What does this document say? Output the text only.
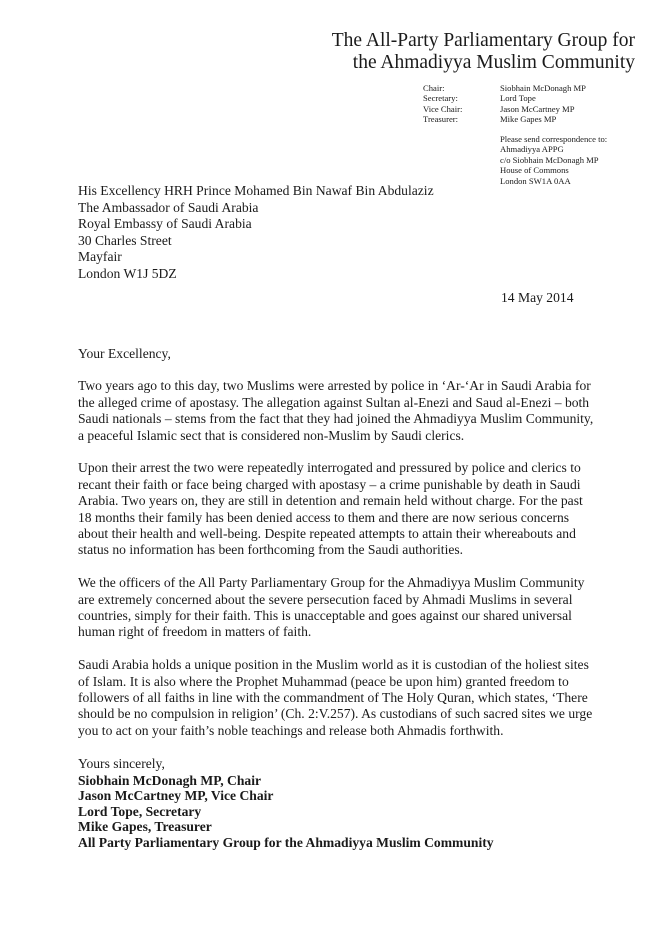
The All-Party Parliamentary Group for
the Ahmadiyya Muslim Community
Chair:	Siobhain McDonagh MP
Secretary:	Lord Tope
Vice Chair:	Jason McCartney MP
Treasurer:	Mike Gapes MP
Please send correspondence to:
Ahmadiyya APPG
c/o Siobhain McDonagh MP
House of Commons
London SW1A 0AA
His Excellency HRH Prince Mohamed Bin Nawaf Bin Abdulaziz
The Ambassador of Saudi Arabia
Royal Embassy of Saudi Arabia
30 Charles Street
Mayfair
London W1J 5DZ
14 May 2014

Your Excellency,

Two years ago to this day, two Muslims were arrested by police in ‘Ar-‘Ar in Saudi Arabia for the alleged crime of apostasy. The allegation against Sultan al-Enezi and Saud al-Enezi – both Saudi nationals – stems from the fact that they had joined the Ahmadiyya Muslim Community, a peaceful Islamic sect that is considered non-Muslim by Saudi clerics.

Upon their arrest the two were repeatedly interrogated and pressured by police and clerics to recant their faith or face being charged with apostasy – a crime punishable by death in Saudi Arabia. Two years on, they are still in detention and remain held without charge. For the past 18 months their family has been denied access to them and there are now serious concerns about their health and well-being. Despite repeated attempts to attain their whereabouts and status no information has been forthcoming from the Saudi authorities.

We the officers of the All Party Parliamentary Group for the Ahmadiyya Muslim Community are extremely concerned about the severe persecution faced by Ahmadi Muslims in several countries, simply for their faith. This is unacceptable and goes against our shared universal human right of freedom in matters of faith.

Saudi Arabia holds a unique position in the Muslim world as it is custodian of the holiest sites of Islam. It is also where the Prophet Muhammad (peace be upon him) granted freedom to followers of all faiths in line with the commandment of The Holy Quran, which states, ‘There should be no compulsion in religion’ (Ch. 2:V.257). As custodians of such sacred sites we urge you to act on your faith’s noble teachings and release both Ahmadis forthwith.

Yours sincerely,

Siobhain McDonagh MP, Chair
Jason McCartney MP, Vice Chair
Lord Tope, Secretary
Mike Gapes, Treasurer
All Party Parliamentary Group for the Ahmadiyya Muslim Community
